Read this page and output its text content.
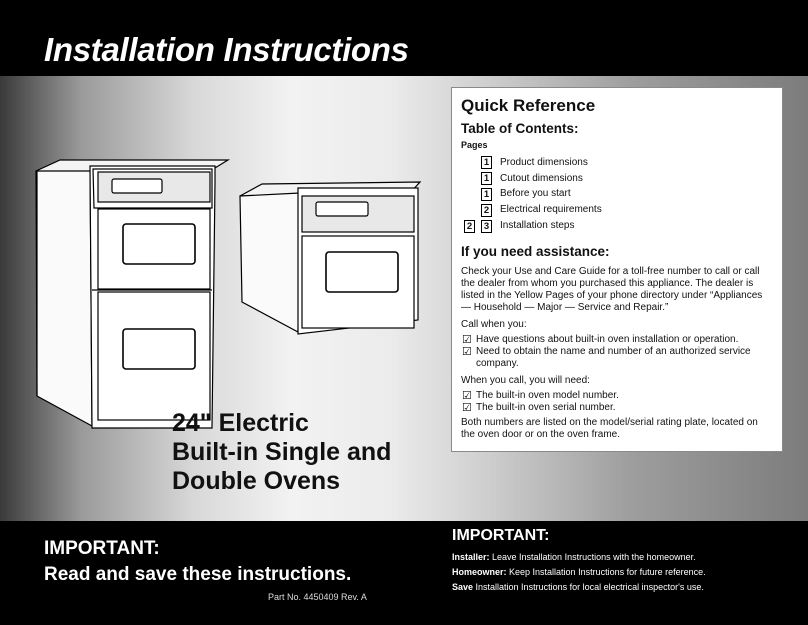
Installation Instructions
24" Electric
Built-in Single and
Double Ovens
Quick Reference
Table of Contents:
Pages
1 Product dimensions
1 Cutout dimensions
1 Before you start
2 Electrical requirements
2	3 Installation steps
If you need assistance:

Check your Use and Care Guide for a toll-free number to call or call the dealer from whom you purchased this appliance. The dealer is listed in the Yellow Pages of your phone directory under “Appliances — Household — Major — Service and Repair.”

Call when you:
☑ Have questions about built-in oven installation or operation.
☑ Need to obtain the name and number of an authorized service company.
When you call, you will need:
☑ The built-in oven model number.
☑ The built-in oven serial number.

Both numbers are listed on the model/serial rating plate, located on the oven door or on the oven frame.

IMPORTANT:
Read and save these instructions.
Part No. 4450409 Rev. A
IMPORTANT:
Installer: Leave Installation Instructions with the homeowner.
Homeowner: Keep Installation Instructions for future reference.
Save Installation Instructions for local electrical inspector's use.
